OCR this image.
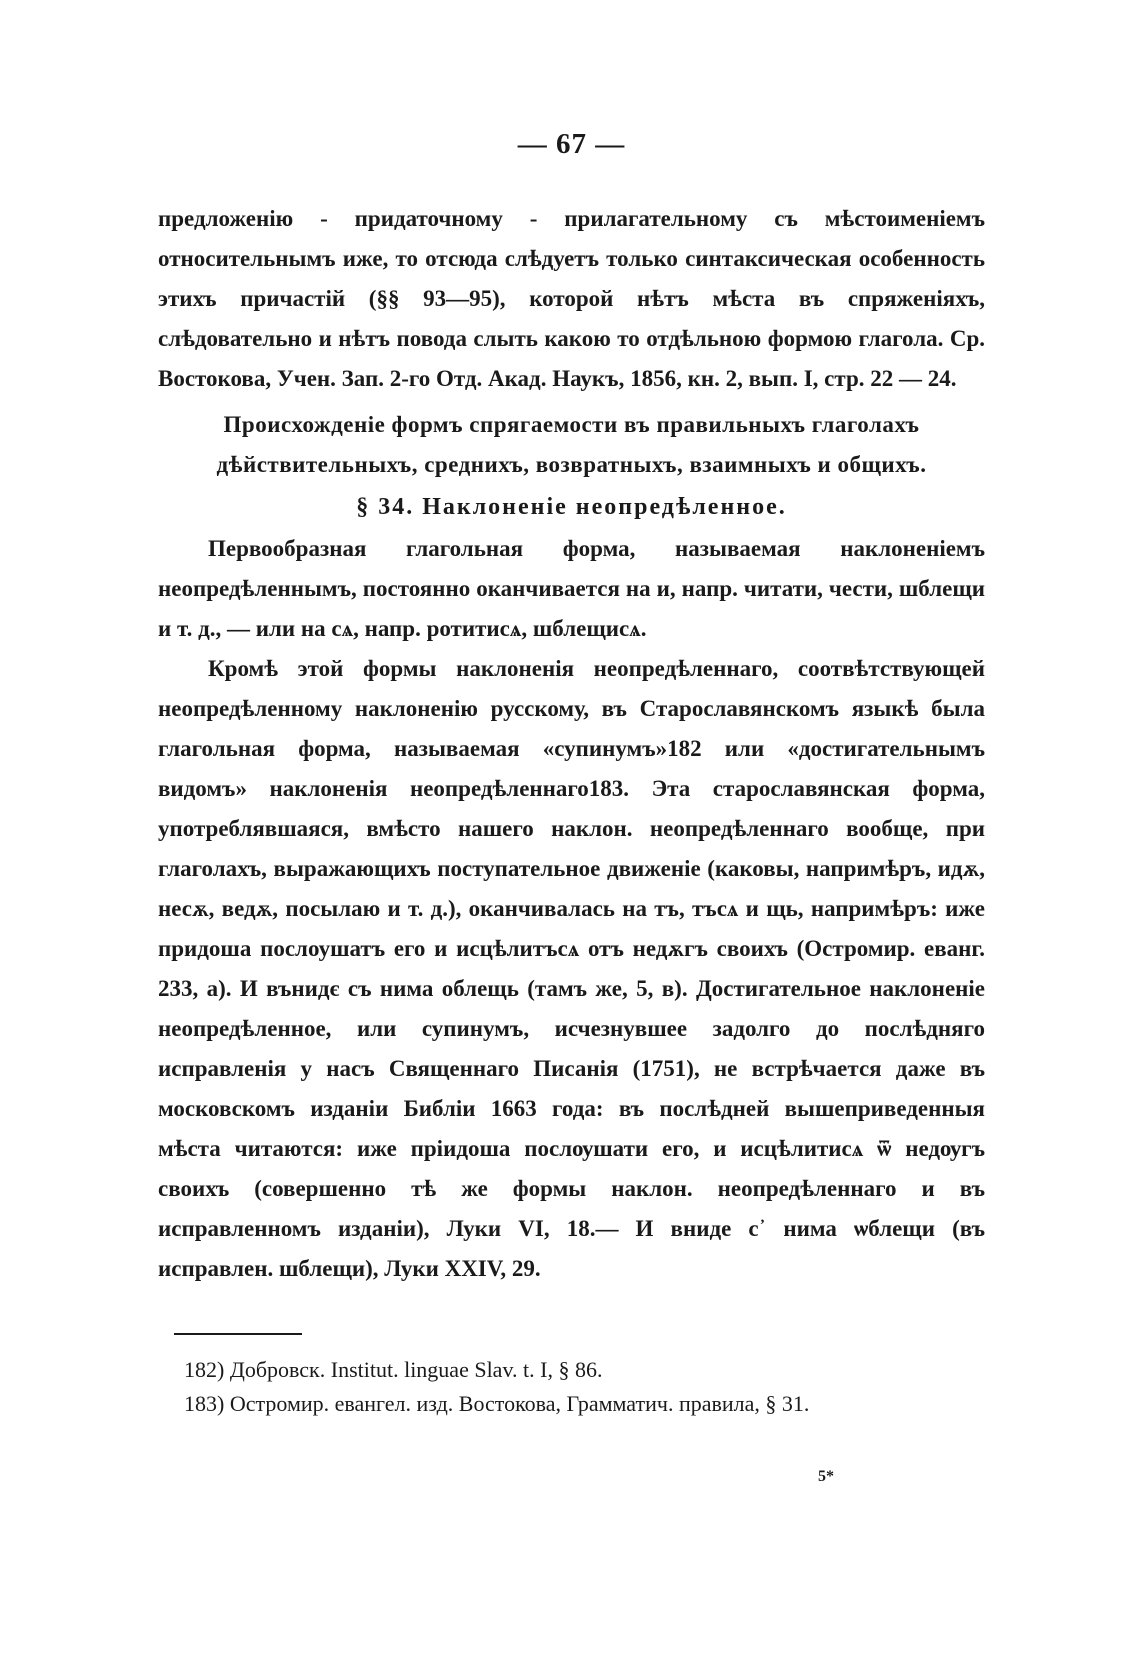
— 67 —

предложенію - придаточному - прилагательному съ мѣстоименіемъ относительнымъ иже, то отсюда слѣдуетъ только синтаксическая особенность этихъ причастій (§§ 93—95), которой нѣтъ мѣста въ спряженіяхъ, слѣдовательно и нѣтъ повода слыть какою то отдѣльною формою глагола. Ср. Востокова, Учен. Зап. 2-го Отд. Акад. Наукъ, 1856, кн. 2, вып. I, стр. 22 — 24.

Происхожденіе формъ спрягаемости въ правильныхъ глаголахъ дѣйствительныхъ, среднихъ, возвратныхъ, взаимныхъ и общихъ.
§ 34. Наклоненіе неопредѣленное.

Первообразная глагольная форма, называемая наклоненіемъ неопредѣленнымъ, постоянно оканчивается на и, напр. читати, чести, шблещи и т. д., — или на сѧ, напр. ротитисѧ, шблещисѧ.

Кромѣ этой формы наклоненія неопредѣленнаго, соотвѣтствующей неопредѣленному наклоненію русскому, въ Старославянскомъ языкѣ была глагольная форма, называемая «супинумъ»182 или «достигательнымъ видомъ» наклоненія неопредѣленнаго183. Эта старославянская форма, употреблявшаяся, вмѣсто нашего наклон. неопредѣленнаго вообще, при глаголахъ, выражающихъ поступательное движеніе (каковы, напримѣръ, идѫ, несѫ, ведѫ, посылаю и т. д.), оканчивалась на тъ, тъсѧ и щь, напримѣръ: иже придоша послоушатъ его и исцѣлитъсѧ отъ недѫгъ своихъ (Остромир. еванг. 233, а). И вънидє съ нима облещь (тамъ же, 5, в). Достигательное наклоненіе неопредѣленное, или супинумъ, исчезнувшее задолго до послѣдняго исправленія у насъ Священнаго Писанія (1751), не встрѣчается даже въ московскомъ изданіи Библіи 1663 года: въ послѣдней вышеприведенныя мѣста читаются: иже пріидоша послѹшати его, и исцѣлитисѧ ѿ недѹгъ своихъ (совершенно тѣ же формы наклон. неопредѣленнаго и въ исправленномъ изданіи), Луки VI, 18.— И вниде с᾿ нима ѡблещи (въ исправлен. шблещи), Луки XXIV, 29.

182) Добровск. Institut. linguae Slav. t. I, § 86.
183) Остромир. евангел. изд. Востокова, Грамматич. правила, § 31.
5*
